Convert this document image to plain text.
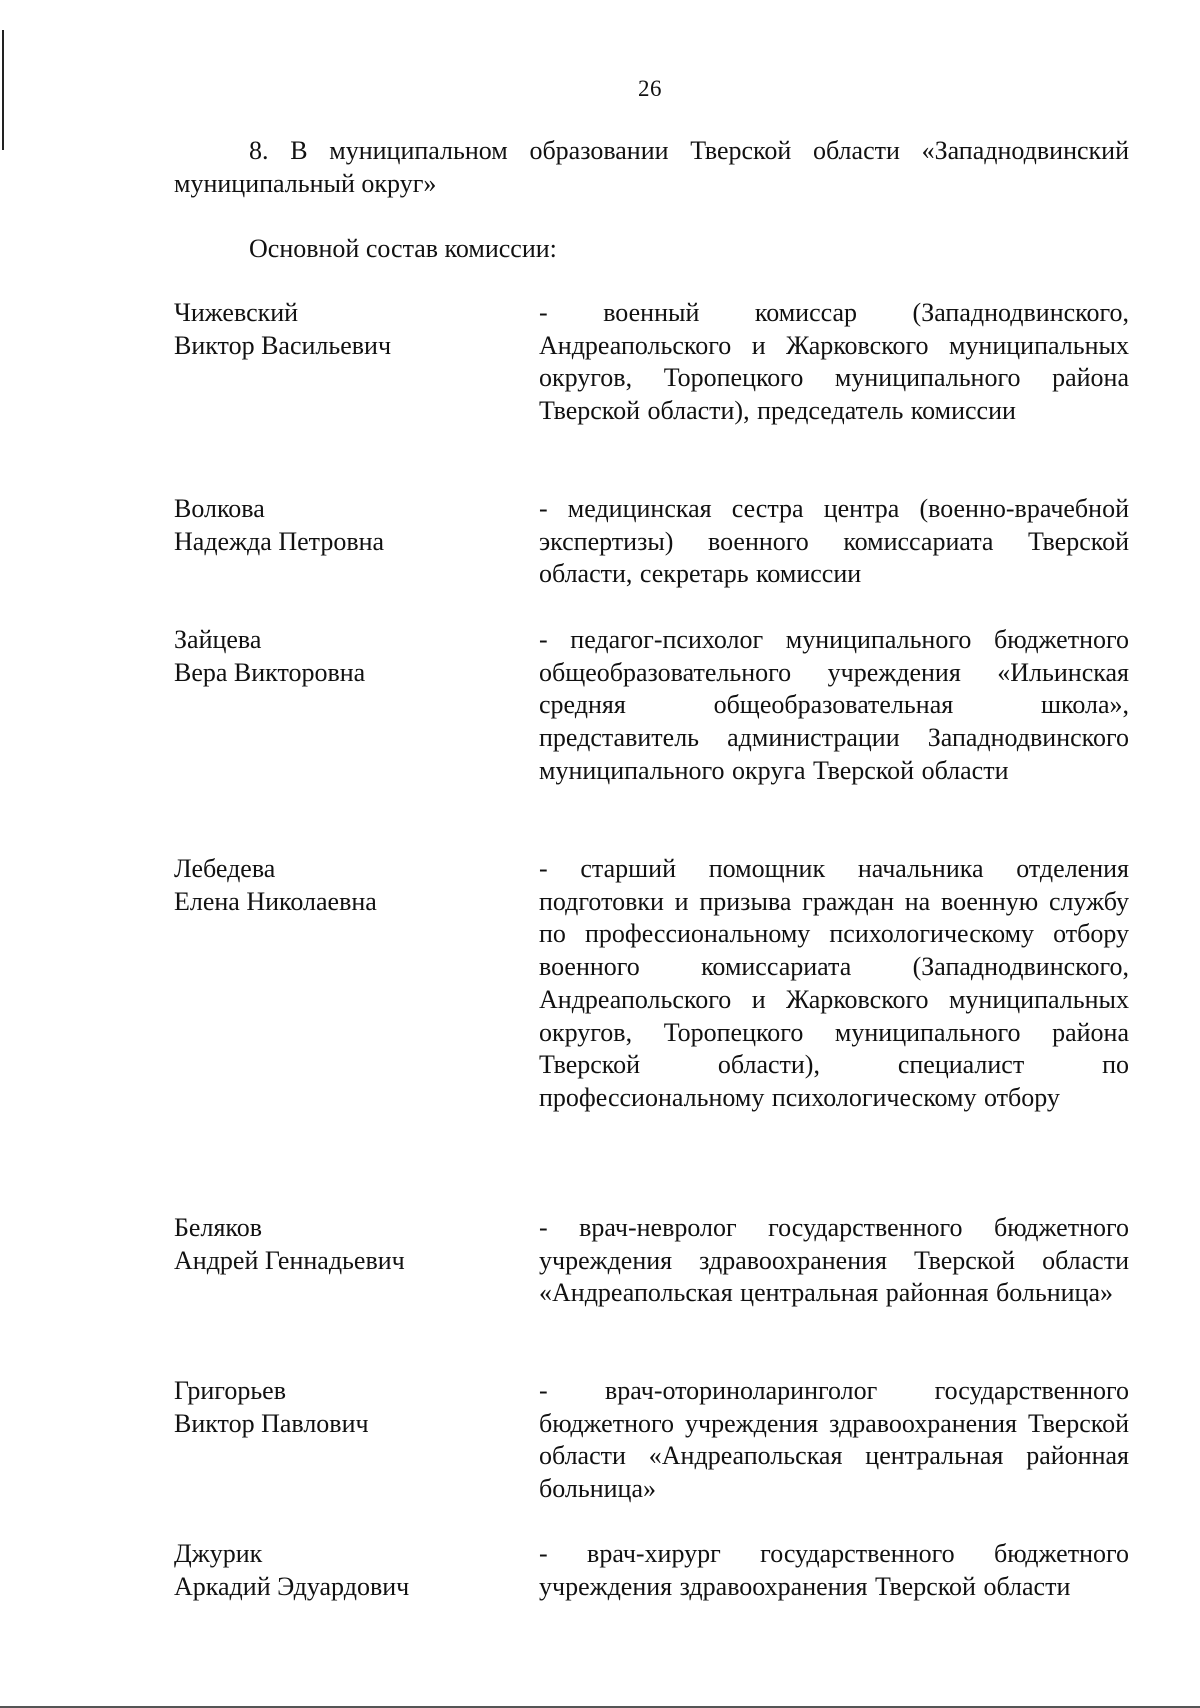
26
8. В муниципальном образовании Тверской области «Западнодвинский муниципальный округ»
Основной состав комиссии:
Чижевский
Виктор Васильевич
- военный комиссар (Западнодвинского, Андреапольского и Жарковского муниципальных округов, Торопецкого муниципального района Тверской области), председатель комиссии
Волкова
Надежда Петровна
- медицинская сестра центра (военно-врачебной экспертизы) военного комиссариата Тверской области, секретарь комиссии
Зайцева
Вера Викторовна
- педагог-психолог муниципального бюджетного общеобразовательного учреждения «Ильинская средняя общеобразовательная школа», представитель администрации Западнодвинского муниципального округа Тверской области
Лебедева
Елена Николаевна
- старший помощник начальника отделения подготовки и призыва граждан на военную службу по профессиональному психологическому отбору военного комиссариата (Западнодвинского, Андреапольского и Жарковского муниципальных округов, Торопецкого муниципального района Тверской области), специалист по профессиональному психологическому отбору
Беляков
Андрей Геннадьевич
- врач-невролог государственного бюджетного учреждения здравоохранения Тверской области «Андреапольская центральная районная больница»
Григорьев
Виктор Павлович
- врач-оториноларинголог государственного бюджетного учреждения здравоохранения Тверской области «Андреапольская центральная районная больница»
Джурик
Аркадий Эдуардович
- врач-хирург государственного бюджетного учреждения здравоохранения Тверской области
